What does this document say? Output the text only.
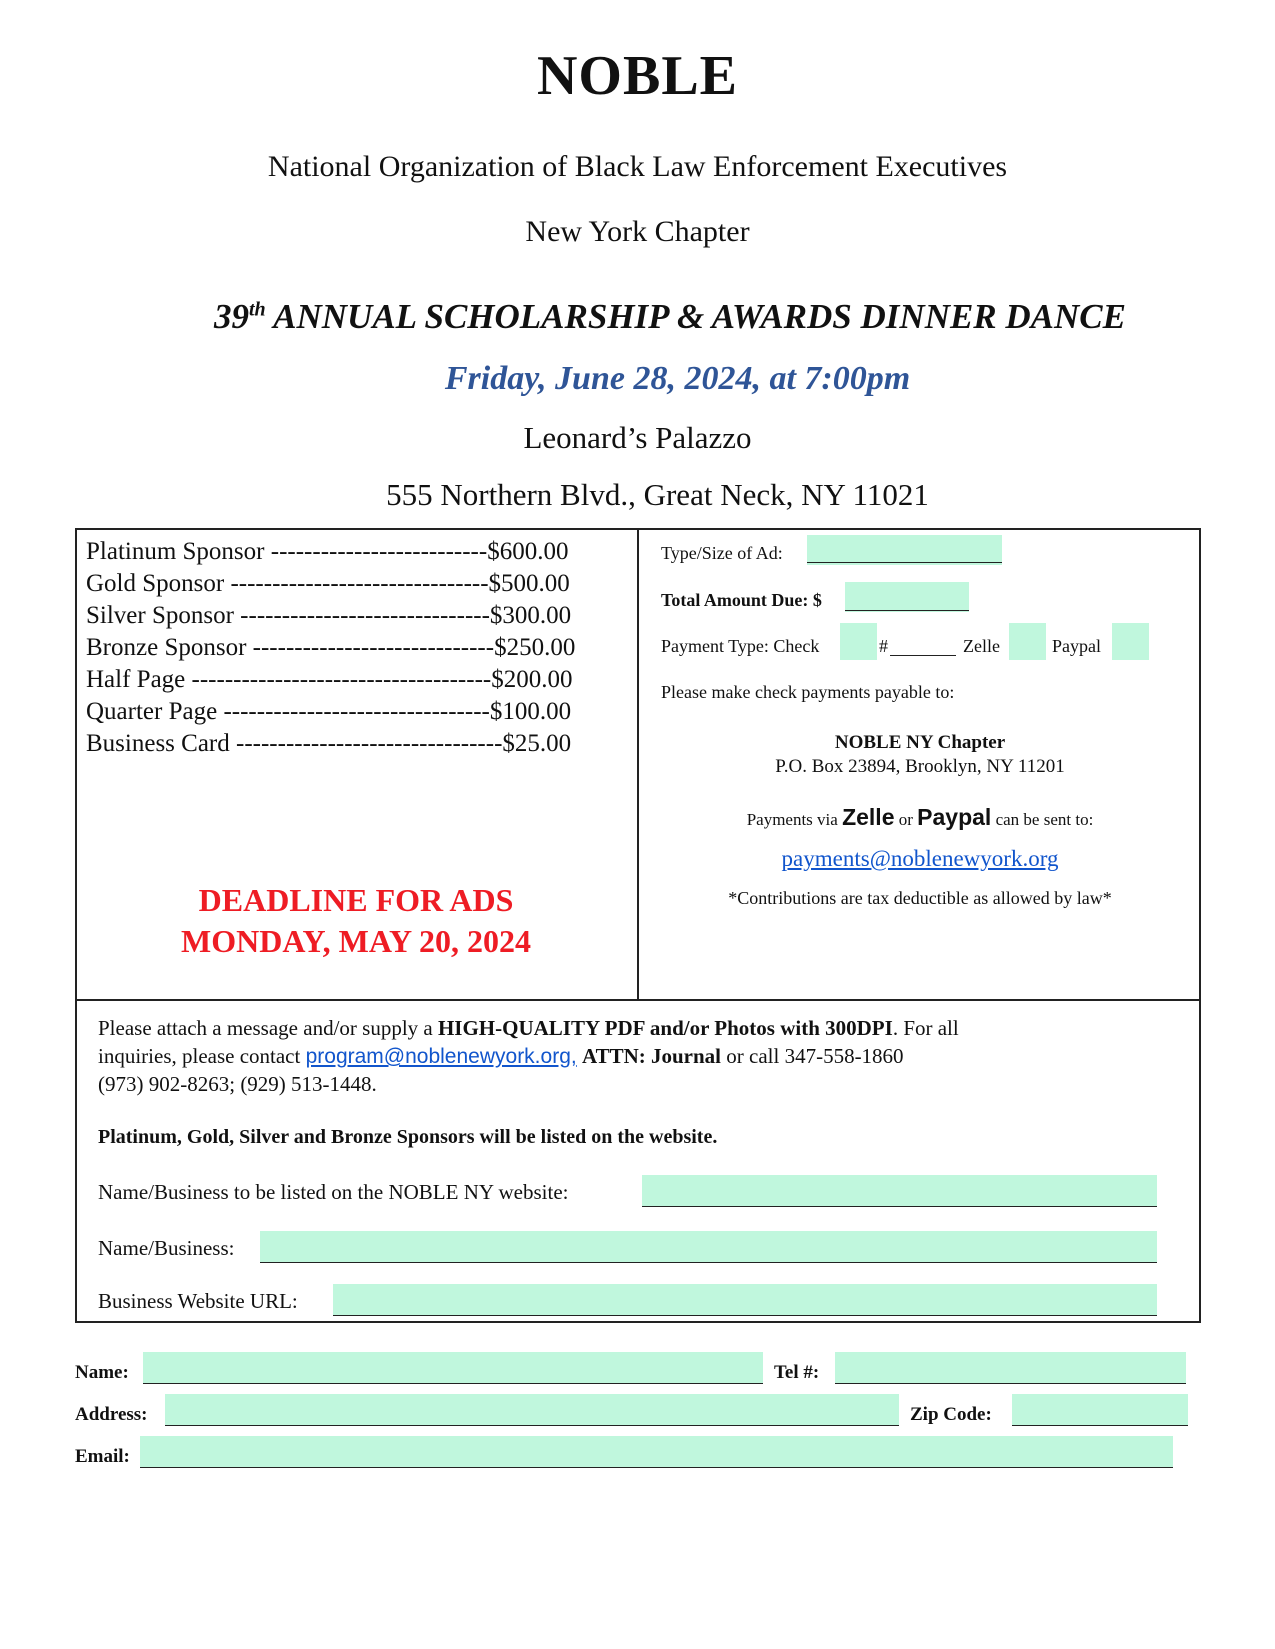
NOBLE
National Organization of Black Law Enforcement Executives
New York Chapter
39th ANNUAL SCHOLARSHIP & AWARDS DINNER DANCE
Friday, June 28, 2024, at 7:00pm
Leonard’s Palazzo
555 Northern Blvd., Great Neck, NY 11021
Platinum Sponsor --------------------------$600.00
Gold Sponsor -------------------------------$500.00
Silver Sponsor ------------------------------$300.00
Bronze Sponsor -----------------------------$250.00
Half Page ------------------------------------$200.00
Quarter Page --------------------------------$100.00
Business Card --------------------------------$25.00
DEADLINE FOR ADS
MONDAY, MAY 20, 2024
Type/Size of Ad:
Total Amount Due: $
Payment Type: Check	#	Zelle	Paypal
Please make check payments payable to:
NOBLE NY Chapter
P.O. Box 23894, Brooklyn, NY 11201
Payments via Zelle or Paypal can be sent to:
payments@noblenewyork.org
*Contributions are tax deductible as allowed by law*
Please attach a message and/or supply a HIGH-QUALITY PDF and/or Photos with 300DPI. For all
inquiries, please contact program@noblenewyork.org, ATTN: Journal or call 347-558-1860
(973) 902-8263; (929) 513-1448.
Platinum, Gold, Silver and Bronze Sponsors will be listed on the website.
Name/Business to be listed on the NOBLE NY website:
Name/Business:
Business Website URL:
Name:	Tel #:
Address:	Zip Code:
Email:
